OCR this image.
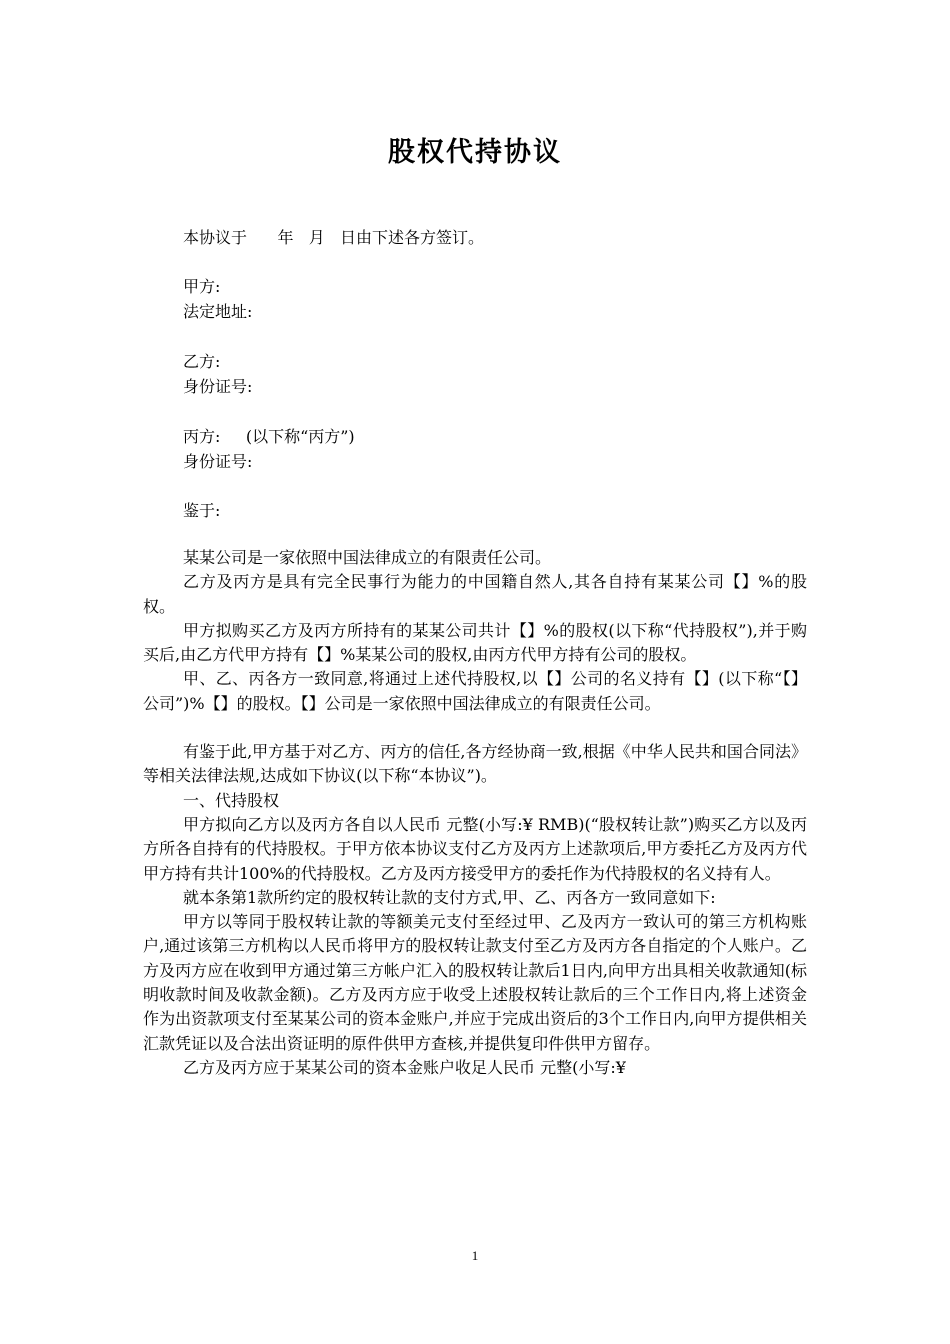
股权代持协议
本协议于      年   月   日由下述各方签订。
甲方:
法定地址:
乙方:
身份证号:
丙方:     (以下称“丙方”)
身份证号:
鉴于:

某某公司是一家依照中国法律成立的有限责任公司。

乙方及丙方是具有完全民事行为能力的中国籍自然人,其各自持有某某公司【】%的股权。

甲方拟购买乙方及丙方所持有的某某公司共计【】%的股权(以下称“代持股权”),并于购买后,由乙方代甲方持有【】%某某公司的股权,由丙方代甲方持有公司的股权。

甲、乙、丙各方一致同意,将通过上述代持股权,以【】公司的名义持有【】(以下称“【】公司”)%【】的股权。【】公司是一家依照中国法律成立的有限责任公司。

有鉴于此,甲方基于对乙方、丙方的信任,各方经协商一致,根据《中华人民共和国合同法》等相关法律法规,达成如下协议(以下称“本协议”)。

一、代持股权

甲方拟向乙方以及丙方各自以人民币 元整(小写:¥ RMB)(“股权转让款”)购买乙方以及丙方所各自持有的代持股权。于甲方依本协议支付乙方及丙方上述款项后,甲方委托乙方及丙方代甲方持有共计100%的代持股权。乙方及丙方接受甲方的委托作为代持股权的名义持有人。

就本条第1款所约定的股权转让款的支付方式,甲、乙、丙各方一致同意如下:

甲方以等同于股权转让款的等额美元支付至经过甲、乙及丙方一致认可的第三方机构账户,通过该第三方机构以人民币将甲方的股权转让款支付至乙方及丙方各自指定的个人账户。乙方及丙方应在收到甲方通过第三方帐户汇入的股权转让款后1日内,向甲方出具相关收款通知(标明收款时间及收款金额)。乙方及丙方应于收受上述股权转让款后的三个工作日内,将上述资金作为出资款项支付至某某公司的资本金账户,并应于完成出资后的3个工作日内,向甲方提供相关汇款凭证以及合法出资证明的原件供甲方查核,并提供复印件供甲方留存。

乙方及丙方应于某某公司的资本金账户收足人民币 元整(小写:¥

1
